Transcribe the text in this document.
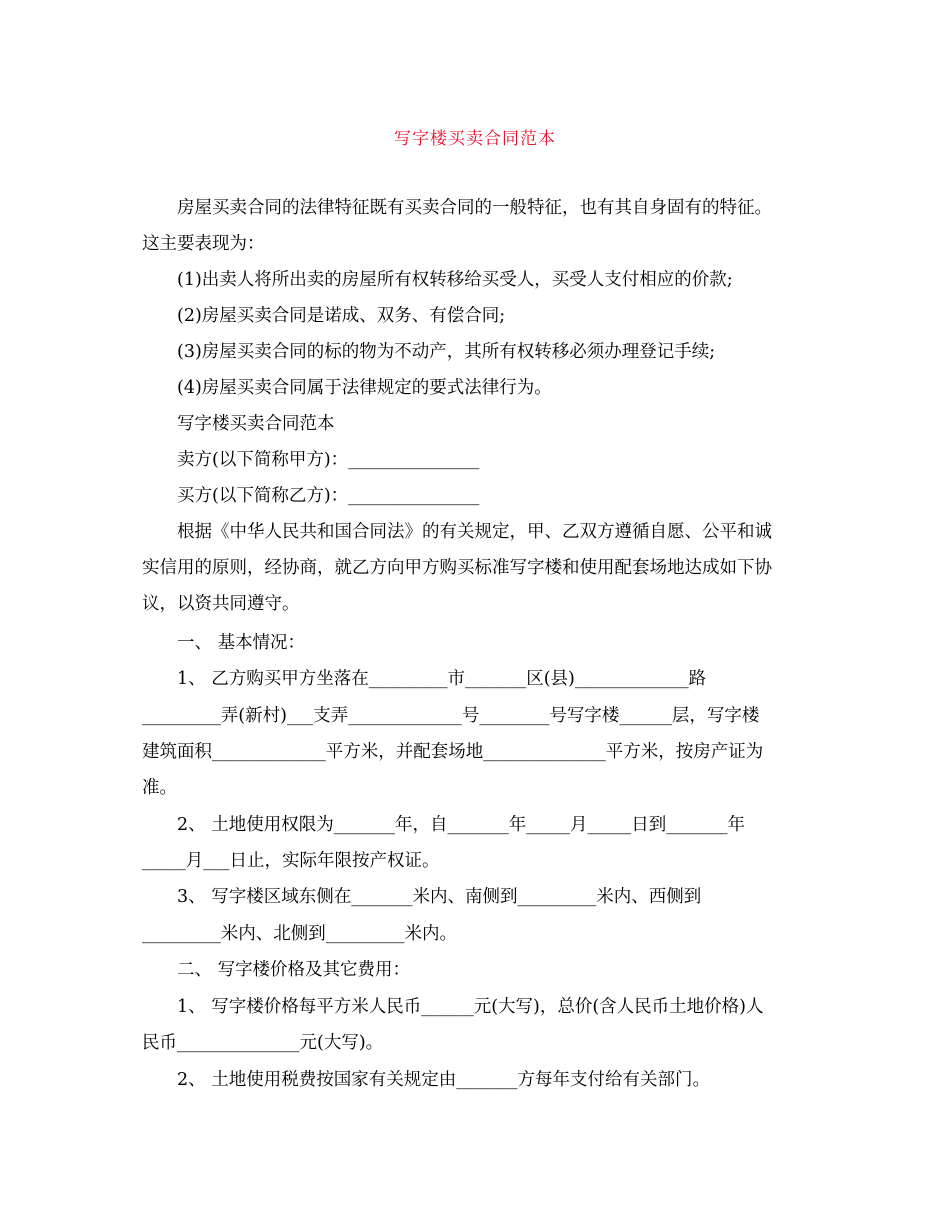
写字楼买卖合同范本
房屋买卖合同的法律特征既有买卖合同的一般特征，也有其自身固有的特征。
这主要表现为：
(1)出卖人将所出卖的房屋所有权转移给买受人，买受人支付相应的价款;
(2)房屋买卖合同是诺成、双务、有偿合同;
(3)房屋买卖合同的标的物为不动产，其所有权转移必须办理登记手续;
(4)房屋买卖合同属于法律规定的要式法律行为。
写字楼买卖合同范本
卖方(以下简称甲方)：_______________
买方(以下简称乙方)：_______________
根据《中华人民共和国合同法》的有关规定，甲、乙双方遵循自愿、公平和诚
实信用的原则，经协商，就乙方向甲方购买标准写字楼和使用配套场地达成如下协
议，以资共同遵守。
一、 基本情况：
1、 乙方购买甲方坐落在_________市_______区(县)_____________路
_________弄(新村)___支弄_____________号________号写字楼______层，写字楼
建筑面积_____________平方米，并配套场地______________平方米，按房产证为
准。
2、 土地使用权限为_______年，自_______年_____月_____日到_______年
_____月___日止，实际年限按产权证。
3、 写字楼区域东侧在_______米内、南侧到_________米内、西侧到
_________米内、北侧到_________米内。
二、 写字楼价格及其它费用：
1、 写字楼价格每平方米人民币______元(大写)，总价(含人民币土地价格)人
民币______________元(大写)。
2、 土地使用税费按国家有关规定由_______方每年支付给有关部门。
